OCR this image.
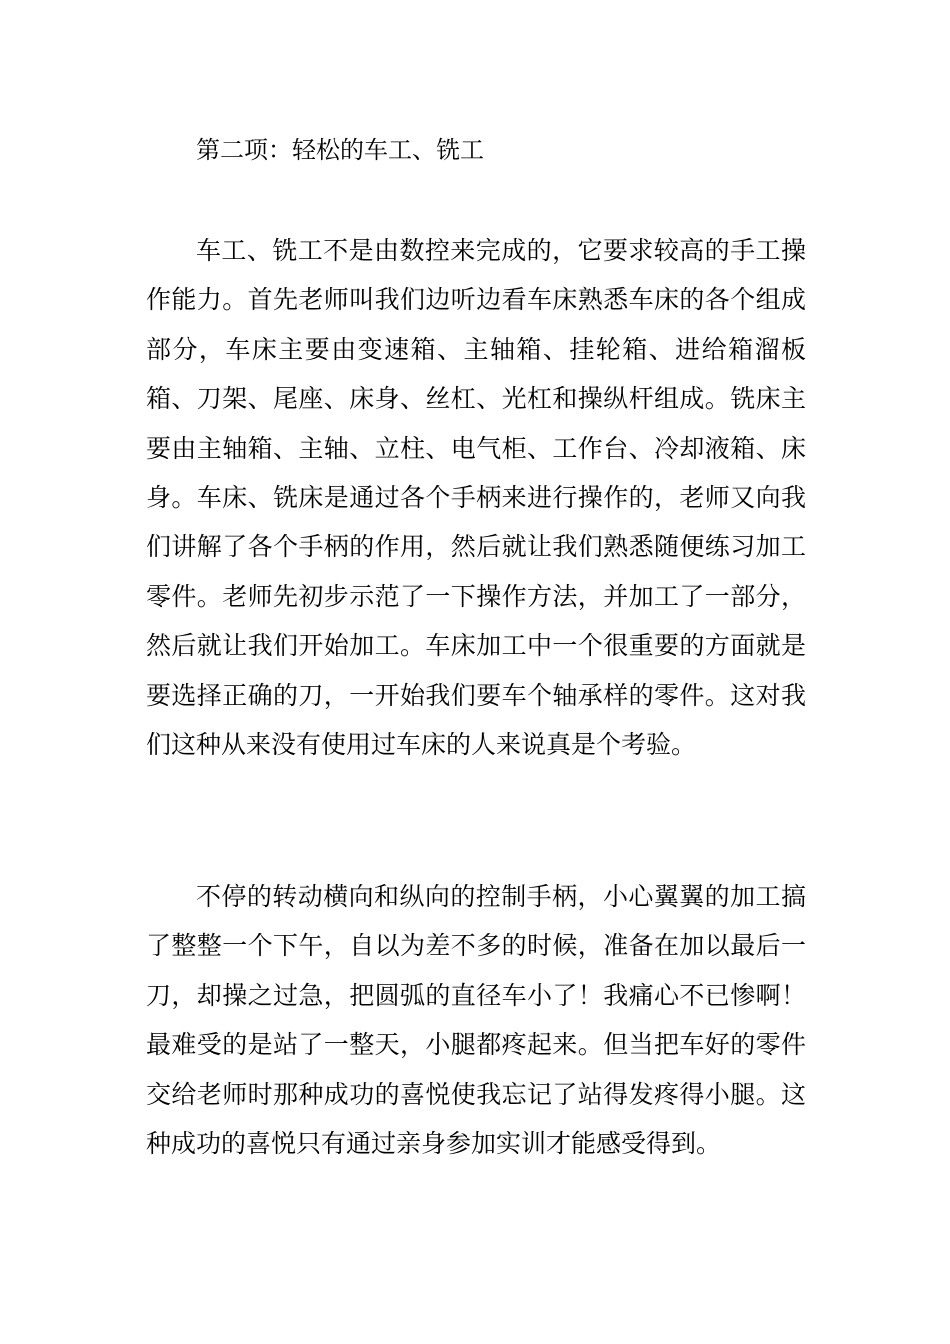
第二项：轻松的车工、铣工

车工、铣工不是由数控来完成的，它要求较高的手工操作能力。首先老师叫我们边听边看车床熟悉车床的各个组成部分，车床主要由变速箱、主轴箱、挂轮箱、进给箱溜板箱、刀架、尾座、床身、丝杠、光杠和操纵杆组成。铣床主要由主轴箱、主轴、立柱、电气柜、工作台、冷却液箱、床身。车床、铣床是通过各个手柄来进行操作的，老师又向我们讲解了各个手柄的作用，然后就让我们熟悉随便练习加工零件。老师先初步示范了一下操作方法，并加工了一部分，然后就让我们开始加工。车床加工中一个很重要的方面就是要选择正确的刀，一开始我们要车个轴承样的零件。这对我们这种从来没有使用过车床的人来说真是个考验。

不停的转动横向和纵向的控制手柄，小心翼翼的加工搞了整整一个下午，自以为差不多的时候，准备在加以最后一刀，却操之过急，把圆弧的直径车小了！我痛心不已惨啊！最难受的是站了一整天，小腿都疼起来。但当把车好的零件交给老师时那种成功的喜悦使我忘记了站得发疼得小腿。这种成功的喜悦只有通过亲身参加实训才能感受得到。
